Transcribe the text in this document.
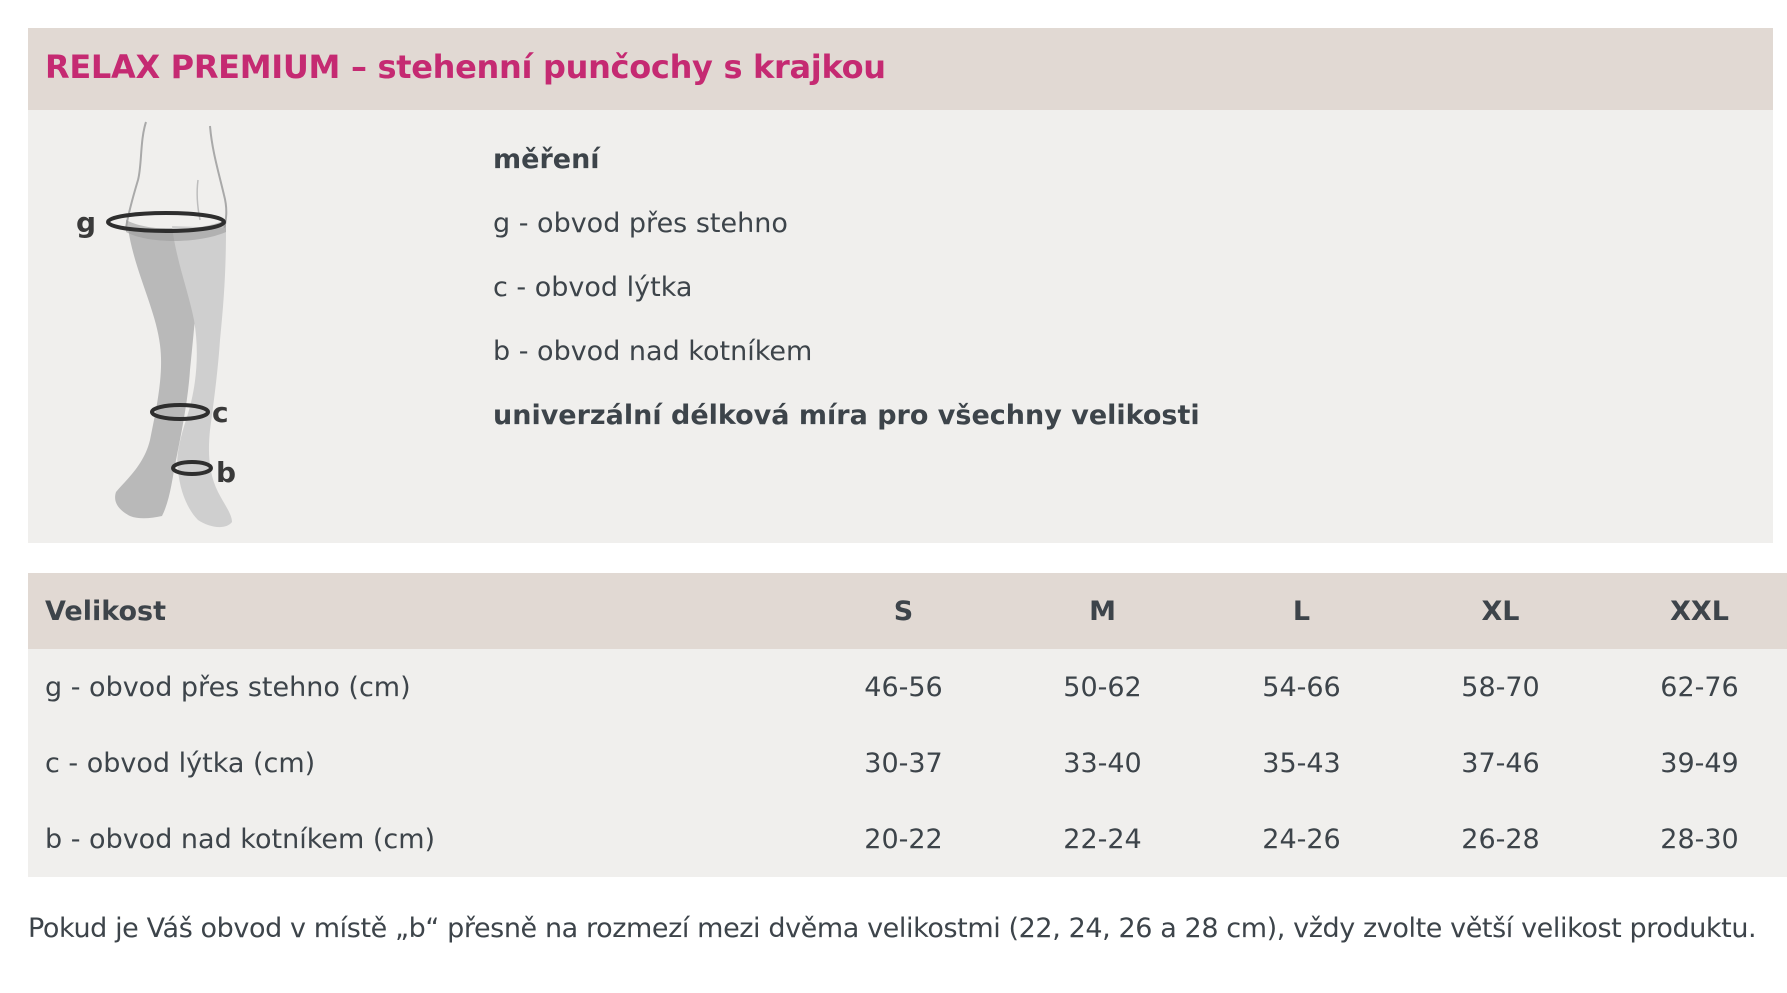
RELAX PREMIUM – stehenní punčochy s krajkou
g
c
b
měření
g - obvod přes stehno
c - obvod lýtka
b - obvod nad kotníkem
univerzální délková míra pro všechny velikosti
Velikost	S	M	L	XL	XXL
g - obvod přes stehno (cm)	46-56	50-62	54-66	58-70	62-76
c - obvod lýtka (cm)	30-37	33-40	35-43	37-46	39-49
b - obvod nad kotníkem (cm)	20-22	22-24	24-26	26-28	28-30
Pokud je Váš obvod v místě „b“ přesně na rozmezí mezi dvěma velikostmi (22, 24, 26 a 28 cm), vždy zvolte větší velikost produktu.
